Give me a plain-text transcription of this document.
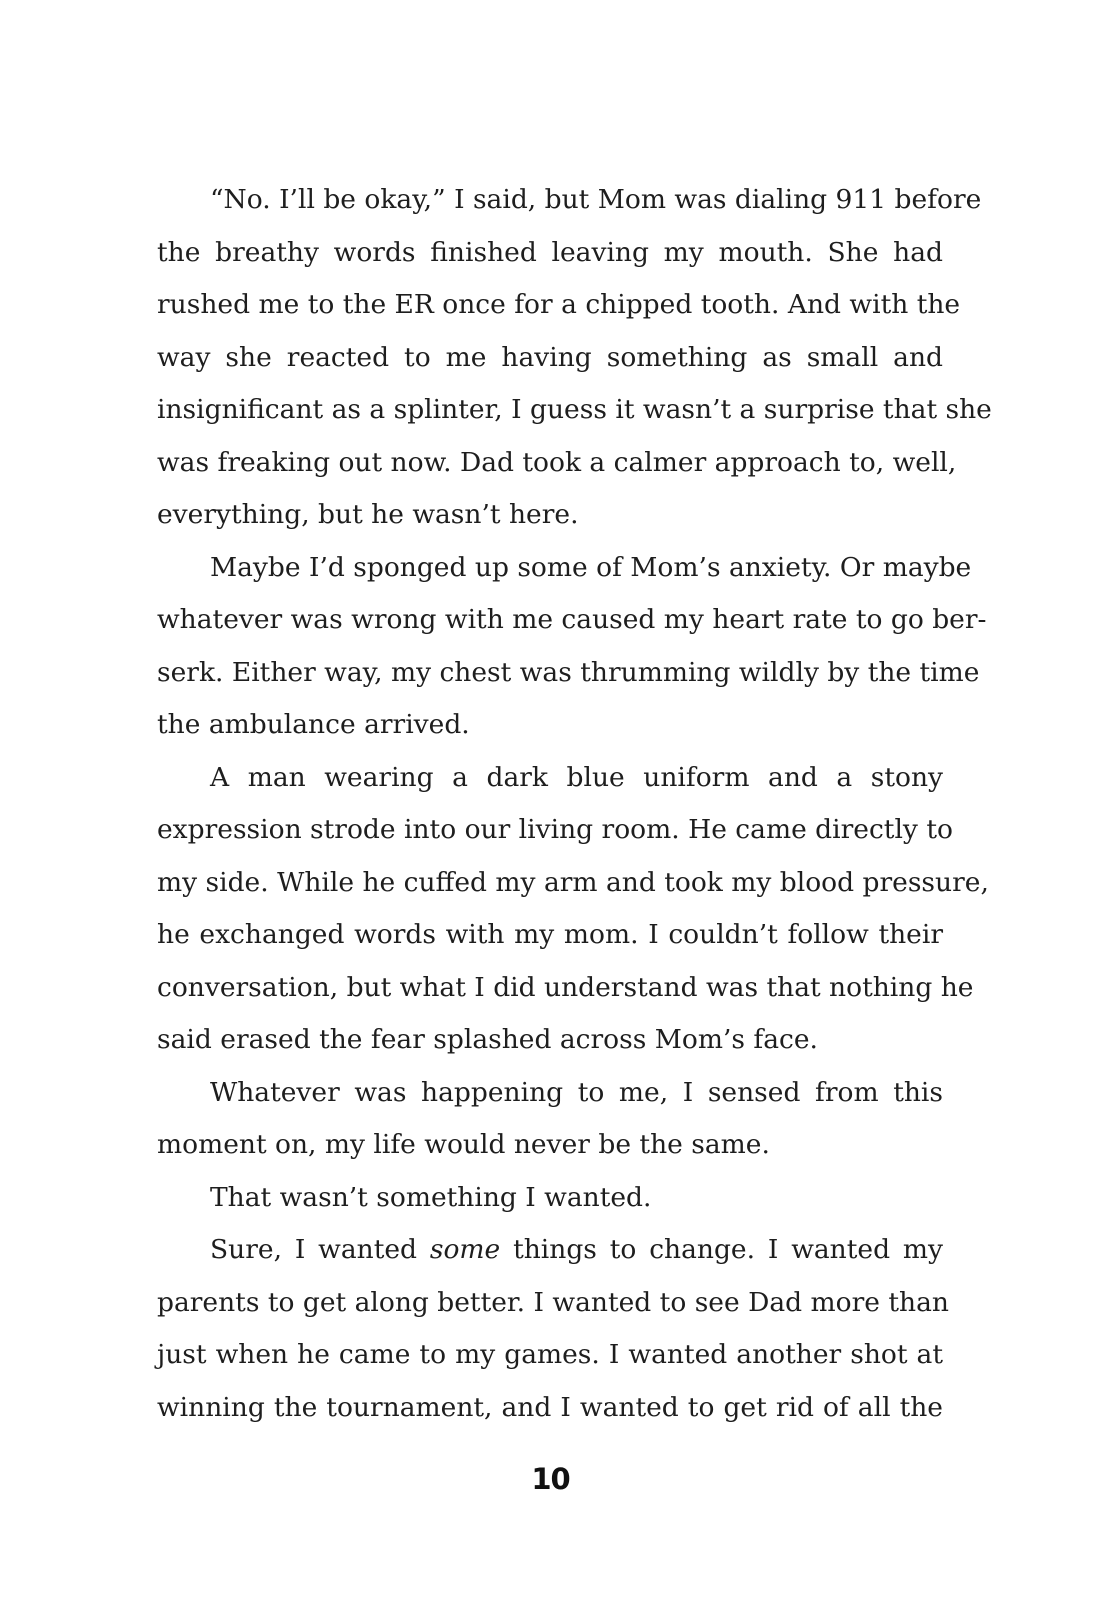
“No. I’ll be okay,” I said, but Mom was dialing 911 before
the breathy words finished leaving my mouth. She had
rushed me to the ER once for a chipped tooth. And with the
way she reacted to me having something as small and
insignificant as a splinter, I guess it wasn’t a surprise that she
was freaking out now. Dad took a calmer approach to, well,
everything, but he wasn’t here.
Maybe I’d sponged up some of Mom’s anxiety. Or maybe
whatever was wrong with me caused my heart rate to go ber-
serk. Either way, my chest was thrumming wildly by the time
the ambulance arrived.
A man wearing a dark blue uniform and a stony
expression strode into our living room. He came directly to
my side. While he cuffed my arm and took my blood pressure,
he exchanged words with my mom. I couldn’t follow their
conversation, but what I did understand was that nothing he
said erased the fear splashed across Mom’s face.
Whatever was happening to me, I sensed from this
moment on, my life would never be the same.
That wasn’t something I wanted.
Sure, I wanted some things to change. I wanted my
parents to get along better. I wanted to see Dad more than
just when he came to my games. I wanted another shot at
winning the tournament, and I wanted to get rid of all the
10
